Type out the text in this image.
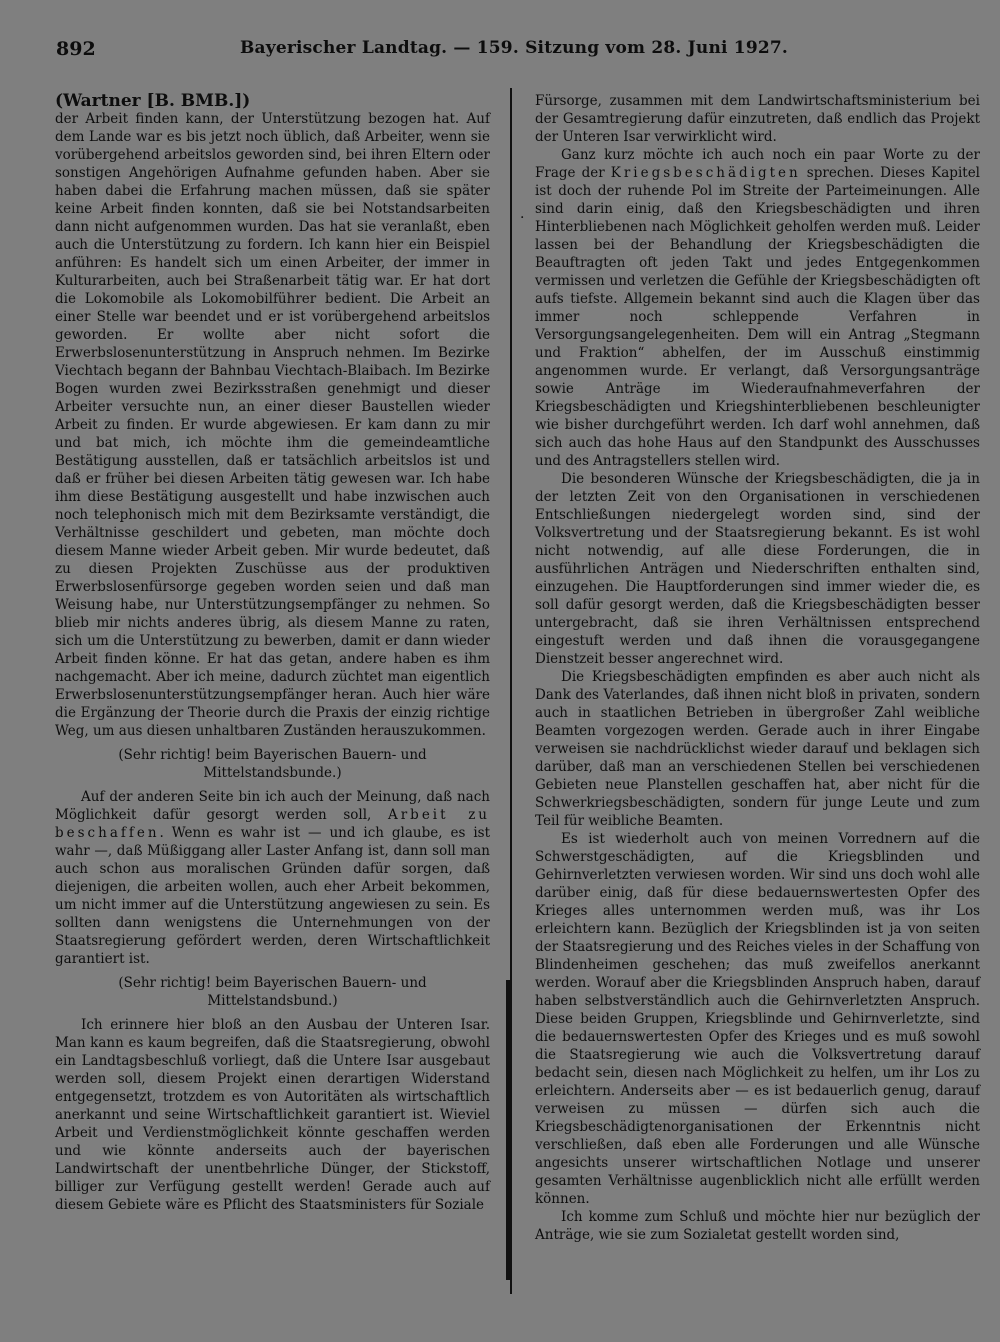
892	Bayerischer Landtag. — 159. Sitzung vom 28. Juni 1927.
·

(Wartner [B. BMB.])

der Arbeit finden kann, der Unterstützung bezogen hat. Auf dem Lande war es bis jetzt noch üblich, daß Arbeiter, wenn sie vorübergehend arbeitslos geworden sind, bei ihren Eltern oder sonstigen Angehörigen Aufnahme gefunden haben. Aber sie haben dabei die Erfahrung machen müssen, daß sie später keine Arbeit finden konnten, daß sie bei Notstandsarbeiten dann nicht aufgenommen wurden. Das hat sie veranlaßt, eben auch die Unterstützung zu fordern. Ich kann hier ein Beispiel anführen: Es handelt sich um einen Arbeiter, der immer in Kulturarbeiten, auch bei Straßenarbeit tätig war. Er hat dort die Lokomobile als Lokomobilführer bedient. Die Arbeit an einer Stelle war beendet und er ist vorübergehend arbeitslos geworden. Er wollte aber nicht sofort die Erwerbslosenunterstützung in Anspruch nehmen. Im Bezirke Viechtach begann der Bahnbau Viechtach-Blaibach. Im Bezirke Bogen wurden zwei Bezirksstraßen genehmigt und dieser Arbeiter versuchte nun, an einer dieser Baustellen wieder Arbeit zu finden. Er wurde abgewiesen. Er kam dann zu mir und bat mich, ich möchte ihm die gemeindeamtliche Bestätigung ausstellen, daß er tatsächlich arbeitslos ist und daß er früher bei diesen Arbeiten tätig gewesen war. Ich habe ihm diese Bestätigung ausgestellt und habe inzwischen auch noch telephonisch mich mit dem Bezirksamte verständigt, die Verhältnisse geschildert und gebeten, man möchte doch diesem Manne wieder Arbeit geben. Mir wurde bedeutet, daß zu diesen Projekten Zuschüsse aus der produktiven Erwerbslosenfürsorge gegeben worden seien und daß man Weisung habe, nur Unterstützungsempfänger zu nehmen. So blieb mir nichts anderes übrig, als diesem Manne zu raten, sich um die Unterstützung zu bewerben, damit er dann wieder Arbeit finden könne. Er hat das getan, andere haben es ihm nachgemacht. Aber ich meine, dadurch züchtet man eigentlich Erwerbslosenunterstützungsempfänger heran. Auch hier wäre die Ergänzung der Theorie durch die Praxis der einzig richtige Weg, um aus diesen unhaltbaren Zuständen herauszukommen.

(Sehr richtig! beim Bayerischen Bauern- und Mittelstandsbunde.)

Auf der anderen Seite bin ich auch der Meinung, daß nach Möglichkeit dafür gesorgt werden soll, Arbeit zu beschaffen. Wenn es wahr ist — und ich glaube, es ist wahr —, daß Müßiggang aller Laster Anfang ist, dann soll man auch schon aus moralischen Gründen dafür sorgen, daß diejenigen, die arbeiten wollen, auch eher Arbeit bekommen, um nicht immer auf die Unterstützung angewiesen zu sein. Es sollten dann wenigstens die Unternehmungen von der Staatsregierung gefördert werden, deren Wirtschaftlichkeit garantiert ist.

(Sehr richtig! beim Bayerischen Bauern- und Mittelstandsbund.)

Ich erinnere hier bloß an den Ausbau der Unteren Isar. Man kann es kaum begreifen, daß die Staatsregierung, obwohl ein Landtagsbeschluß vorliegt, daß die Untere Isar ausgebaut werden soll, diesem Projekt einen derartigen Widerstand entgegensetzt, trotzdem es von Autoritäten als wirtschaftlich anerkannt und seine Wirtschaftlichkeit garantiert ist. Wieviel Arbeit und Verdienstmöglichkeit könnte geschaffen werden und wie könnte anderseits auch der bayerischen Landwirtschaft der unentbehrliche Dünger, der Stickstoff, billiger zur Verfügung gestellt werden! Gerade auch auf diesem Gebiete wäre es Pflicht des Staatsministers für Soziale

Fürsorge, zusammen mit dem Landwirtschaftsministerium bei der Gesamtregierung dafür einzutreten, daß endlich das Projekt der Unteren Isar verwirklicht wird.

Ganz kurz möchte ich auch noch ein paar Worte zu der Frage der Kriegsbeschädigten sprechen. Dieses Kapitel ist doch der ruhende Pol im Streite der Parteimeinungen. Alle sind darin einig, daß den Kriegsbeschädigten und ihren Hinterbliebenen nach Möglichkeit geholfen werden muß. Leider lassen bei der Behandlung der Kriegsbeschädigten die Beauftragten oft jeden Takt und jedes Entgegenkommen vermissen und verletzen die Gefühle der Kriegsbeschädigten oft aufs tiefste. Allgemein bekannt sind auch die Klagen über das immer noch schleppende Verfahren in Versorgungsangelegenheiten. Dem will ein Antrag „Stegmann und Fraktion“ abhelfen, der im Ausschuß einstimmig angenommen wurde. Er verlangt, daß Versorgungsanträge sowie Anträge im Wiederaufnahmeverfahren der Kriegsbeschädigten und Kriegshinterbliebenen beschleunigter wie bisher durchgeführt werden. Ich darf wohl annehmen, daß sich auch das hohe Haus auf den Standpunkt des Ausschusses und des Antragstellers stellen wird.

Die besonderen Wünsche der Kriegsbeschädigten, die ja in der letzten Zeit von den Organisationen in verschiedenen Entschließungen niedergelegt worden sind, sind der Volksvertretung und der Staatsregierung bekannt. Es ist wohl nicht notwendig, auf alle diese Forderungen, die in ausführlichen Anträgen und Niederschriften enthalten sind, einzugehen. Die Hauptforderungen sind immer wieder die, es soll dafür gesorgt werden, daß die Kriegsbeschädigten besser untergebracht, daß sie ihren Verhältnissen entsprechend eingestuft werden und daß ihnen die vorausgegangene Dienstzeit besser angerechnet wird.

Die Kriegsbeschädigten empfinden es aber auch nicht als Dank des Vaterlandes, daß ihnen nicht bloß in privaten, sondern auch in staatlichen Betrieben in übergroßer Zahl weibliche Beamten vorgezogen werden. Gerade auch in ihrer Eingabe verweisen sie nachdrücklichst wieder darauf und beklagen sich darüber, daß man an verschiedenen Stellen bei verschiedenen Gebieten neue Planstellen geschaffen hat, aber nicht für die Schwerkriegsbeschädigten, sondern für junge Leute und zum Teil für weibliche Beamten.

Es ist wiederholt auch von meinen Vorrednern auf die Schwerstgeschädigten, auf die Kriegsblinden und Gehirnverletzten verwiesen worden. Wir sind uns doch wohl alle darüber einig, daß für diese bedauernswertesten Opfer des Krieges alles unternommen werden muß, was ihr Los erleichtern kann. Bezüglich der Kriegsblinden ist ja von seiten der Staatsregierung und des Reiches vieles in der Schaffung von Blindenheimen geschehen; das muß zweifellos anerkannt werden. Worauf aber die Kriegsblinden Anspruch haben, darauf haben selbstverständlich auch die Gehirnverletzten Anspruch. Diese beiden Gruppen, Kriegsblinde und Gehirnverletzte, sind die bedauernswertesten Opfer des Krieges und es muß sowohl die Staatsregierung wie auch die Volksvertretung darauf bedacht sein, diesen nach Möglichkeit zu helfen, um ihr Los zu erleichtern. Anderseits aber — es ist bedauerlich genug, darauf verweisen zu müssen — dürfen sich auch die Kriegsbeschädigtenorganisationen der Erkenntnis nicht verschließen, daß eben alle Forderungen und alle Wünsche angesichts unserer wirtschaftlichen Notlage und unserer gesamten Verhältnisse augenblicklich nicht alle erfüllt werden können.

Ich komme zum Schluß und möchte hier nur bezüglich der Anträge, wie sie zum Sozialetat gestellt worden sind,
